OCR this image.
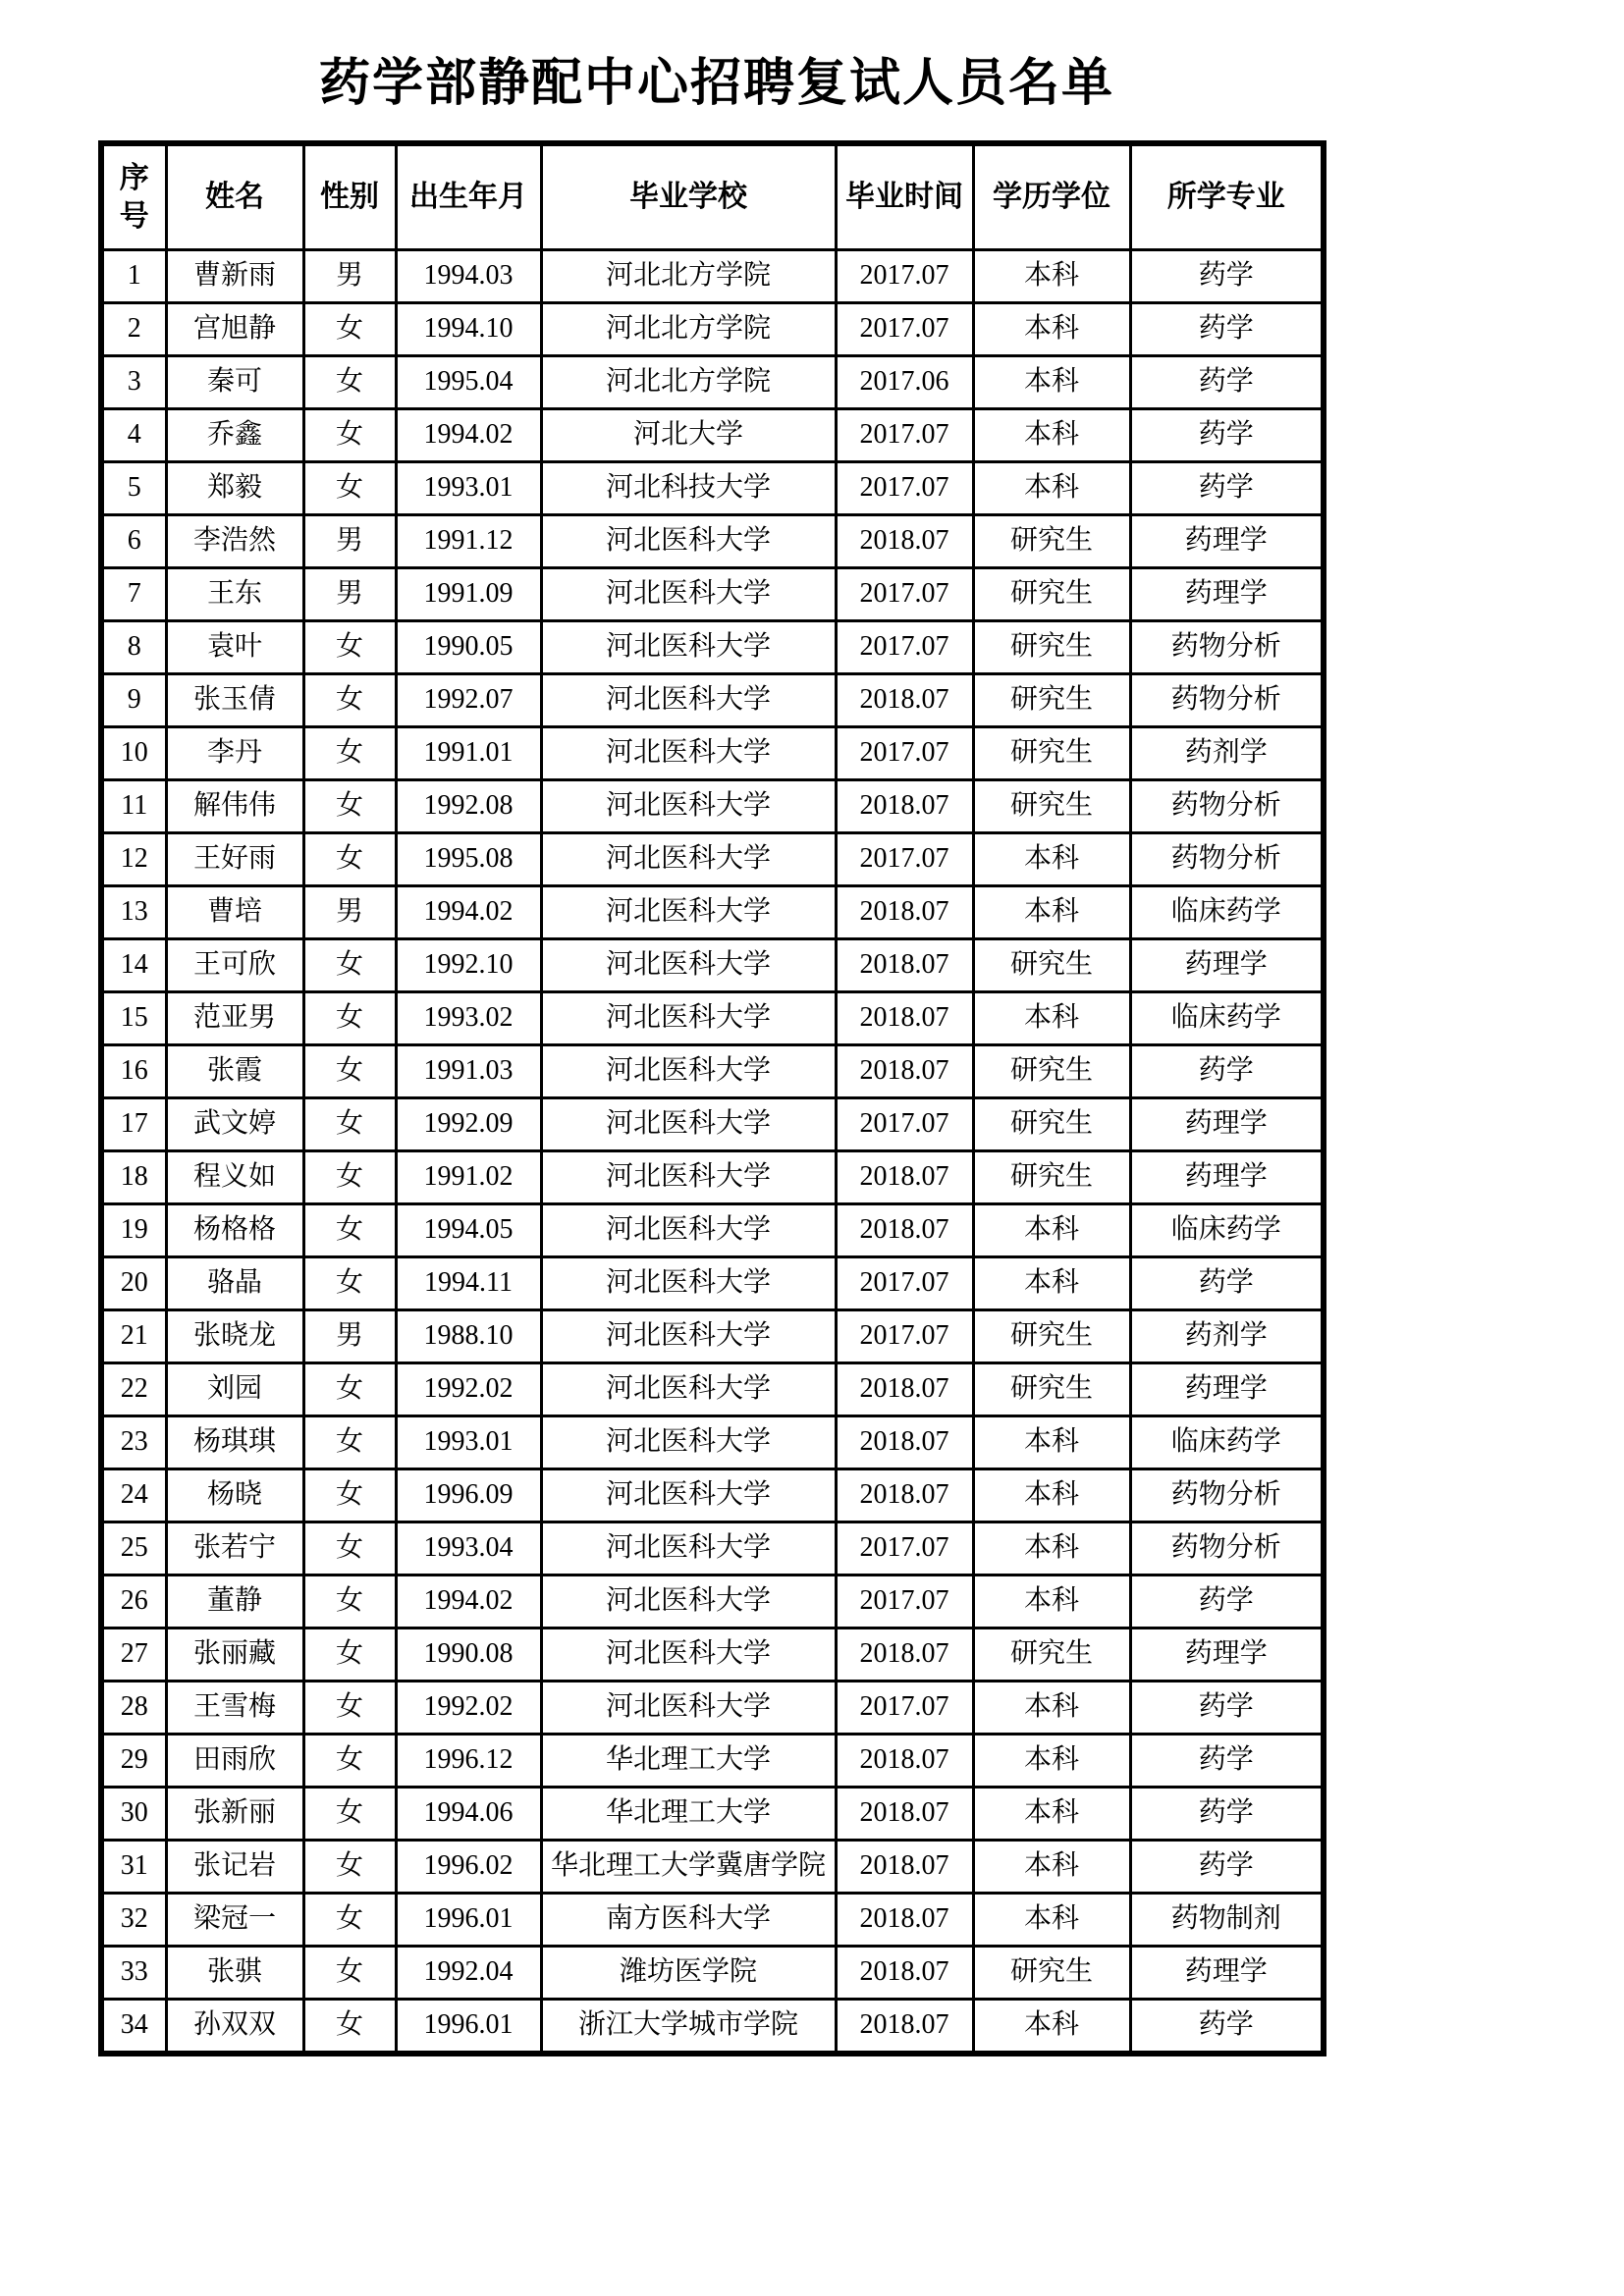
药学部静配中心招聘复试人员名单
序号	姓名	性别	出生年月	毕业学校	毕业时间	学历学位	所学专业
1	曹新雨	男	1994.03	河北北方学院	2017.07	本科	药学
2	宫旭静	女	1994.10	河北北方学院	2017.07	本科	药学
3	秦可	女	1995.04	河北北方学院	2017.06	本科	药学
4	乔鑫	女	1994.02	河北大学	2017.07	本科	药学
5	郑毅	女	1993.01	河北科技大学	2017.07	本科	药学
6	李浩然	男	1991.12	河北医科大学	2018.07	研究生	药理学
7	王东	男	1991.09	河北医科大学	2017.07	研究生	药理学
8	袁叶	女	1990.05	河北医科大学	2017.07	研究生	药物分析
9	张玉倩	女	1992.07	河北医科大学	2018.07	研究生	药物分析
10	李丹	女	1991.01	河北医科大学	2017.07	研究生	药剂学
11	解伟伟	女	1992.08	河北医科大学	2018.07	研究生	药物分析
12	王好雨	女	1995.08	河北医科大学	2017.07	本科	药物分析
13	曹培	男	1994.02	河北医科大学	2018.07	本科	临床药学
14	王可欣	女	1992.10	河北医科大学	2018.07	研究生	药理学
15	范亚男	女	1993.02	河北医科大学	2018.07	本科	临床药学
16	张霞	女	1991.03	河北医科大学	2018.07	研究生	药学
17	武文婷	女	1992.09	河北医科大学	2017.07	研究生	药理学
18	程义如	女	1991.02	河北医科大学	2018.07	研究生	药理学
19	杨格格	女	1994.05	河北医科大学	2018.07	本科	临床药学
20	骆晶	女	1994.11	河北医科大学	2017.07	本科	药学
21	张晓龙	男	1988.10	河北医科大学	2017.07	研究生	药剂学
22	刘园	女	1992.02	河北医科大学	2018.07	研究生	药理学
23	杨琪琪	女	1993.01	河北医科大学	2018.07	本科	临床药学
24	杨晓	女	1996.09	河北医科大学	2018.07	本科	药物分析
25	张若宁	女	1993.04	河北医科大学	2017.07	本科	药物分析
26	董静	女	1994.02	河北医科大学	2017.07	本科	药学
27	张丽藏	女	1990.08	河北医科大学	2018.07	研究生	药理学
28	王雪梅	女	1992.02	河北医科大学	2017.07	本科	药学
29	田雨欣	女	1996.12	华北理工大学	2018.07	本科	药学
30	张新丽	女	1994.06	华北理工大学	2018.07	本科	药学
31	张记岩	女	1996.02	华北理工大学冀唐学院	2018.07	本科	药学
32	梁冠一	女	1996.01	南方医科大学	2018.07	本科	药物制剂
33	张骐	女	1992.04	潍坊医学院	2018.07	研究生	药理学
34	孙双双	女	1996.01	浙江大学城市学院	2018.07	本科	药学
